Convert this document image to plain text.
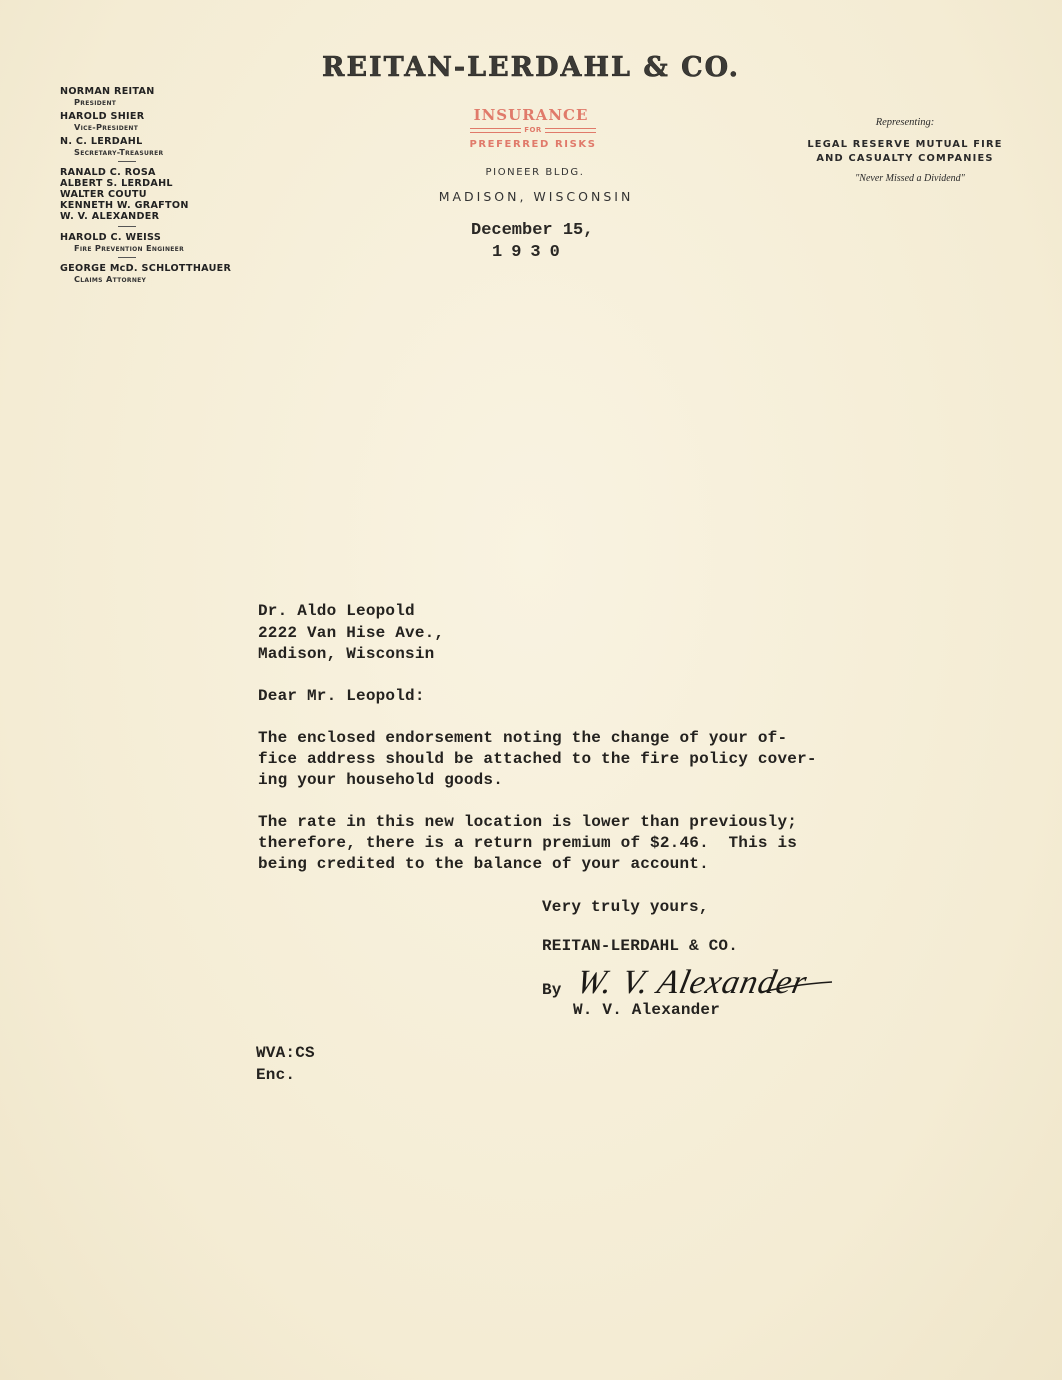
REITAN-LERDAHL & CO.
NORMAN REITAN
President
HAROLD SHIER
Vice-President
N. C. LERDAHL
Secretary-Treasurer
RANALD C. ROSA
ALBERT S. LERDAHL
WALTER COUTU
KENNETH W. GRAFTON
W. V. ALEXANDER
HAROLD C. WEISS
Fire Prevention Engineer
GEORGE McD. SCHLOTTHAUER
Claims Attorney
INSURANCE
FOR
PREFERRED RISKS
PIONEER BLDG.
MADISON, WISCONSIN
Representing:
LEGAL RESERVE MUTUAL FIRE
AND CASUALTY COMPANIES
"Never Missed a Dividend"
December 15,
1930
Dr. Aldo Leopold
2222 Van Hise Ave.,
Madison, Wisconsin
Dear Mr. Leopold:
The enclosed endorsement noting the change of your of-
fice address should be attached to the fire policy cover-
ing your household goods.
The rate in this new location is lower than previously;
therefore, there is a return premium of $2.46.  This is
being credited to the balance of your account.
Very truly yours,
REITAN-LERDAHL & CO.
By W. V. Alexander
W. V. Alexander
WVA:CS
Enc.
